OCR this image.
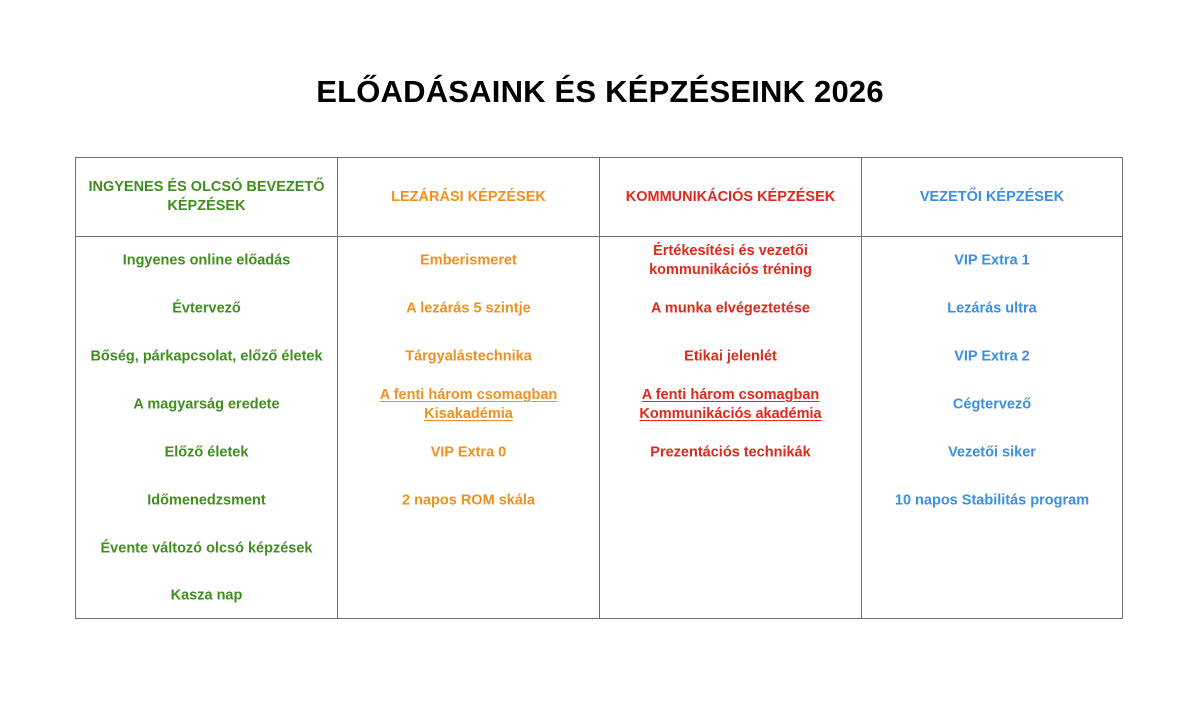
ELŐADÁSAINK ÉS KÉPZÉSEINK 2026
INGYENES ÉS OLCSÓ BEVEZETŐ
KÉPZÉSEK
Ingyenes online előadás
Évtervező
Bőség, párkapcsolat, előző életek
A magyarság eredete
Előző életek
Időmenedzsment
Évente változó olcsó képzések
Kasza nap
LEZÁRÁSI KÉPZÉSEK
Emberismeret
A lezárás 5 szintje
Tárgyalástechnika
A fenti három csomagban
Kisakadémia
VIP Extra 0
2 napos ROM skála
KOMMUNIKÁCIÓS KÉPZÉSEK
Értékesítési és vezetői
kommunikációs tréning
A munka elvégeztetése
Etikai jelenlét
A fenti három csomagban
Kommunikációs akadémia
Prezentációs technikák
VEZETŐI KÉPZÉSEK
VIP Extra 1
Lezárás ultra
VIP Extra 2
Cégtervező
Vezetői siker
10 napos Stabilitás program
